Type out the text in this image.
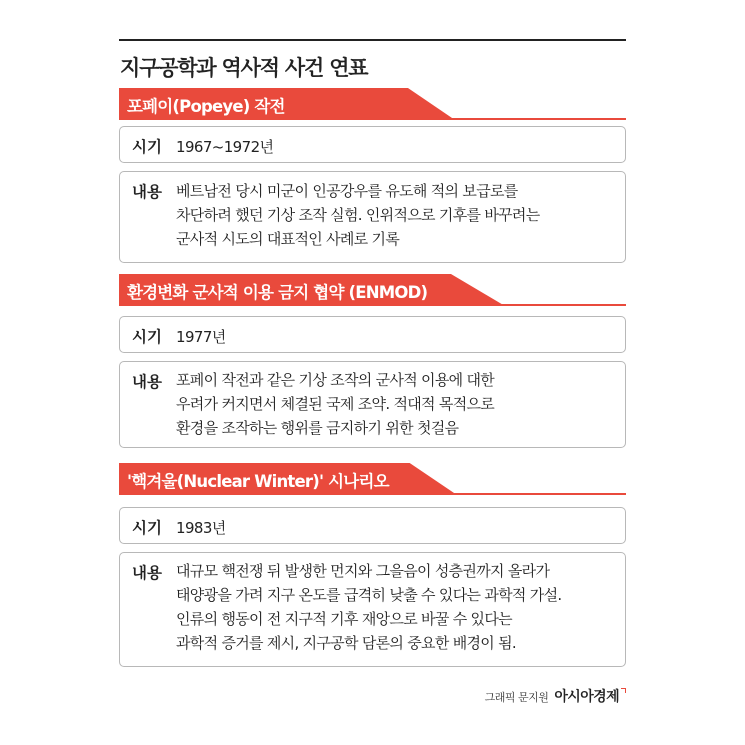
지구공학과 역사적 사건 연표
포페이(Popeye) 작전
시기 1967~1972년
내용 베트남전 당시 미군이 인공강우를 유도해 적의 보급로를
차단하려 했던 기상 조작 실험. 인위적으로 기후를 바꾸려는
군사적 시도의 대표적인 사례로 기록
환경변화 군사적 이용 금지 협약 (ENMOD)
시기 1977년
내용 포페이 작전과 같은 기상 조작의 군사적 이용에 대한
우려가 커지면서 체결된 국제 조약. 적대적 목적으로
환경을 조작하는 행위를 금지하기 위한 첫걸음
'핵겨울(Nuclear Winter)' 시나리오
시기 1983년
내용 대규모 핵전쟁 뒤 발생한 먼지와 그을음이 성층권까지 올라가
태양광을 가려 지구 온도를 급격히 낮출 수 있다는 과학적 가설.
인류의 행동이 전 지구적 기후 재앙으로 바꿀 수 있다는
과학적 증거를 제시, 지구공학 담론의 중요한 배경이 됨.
그래픽 문지원 아시아경제
